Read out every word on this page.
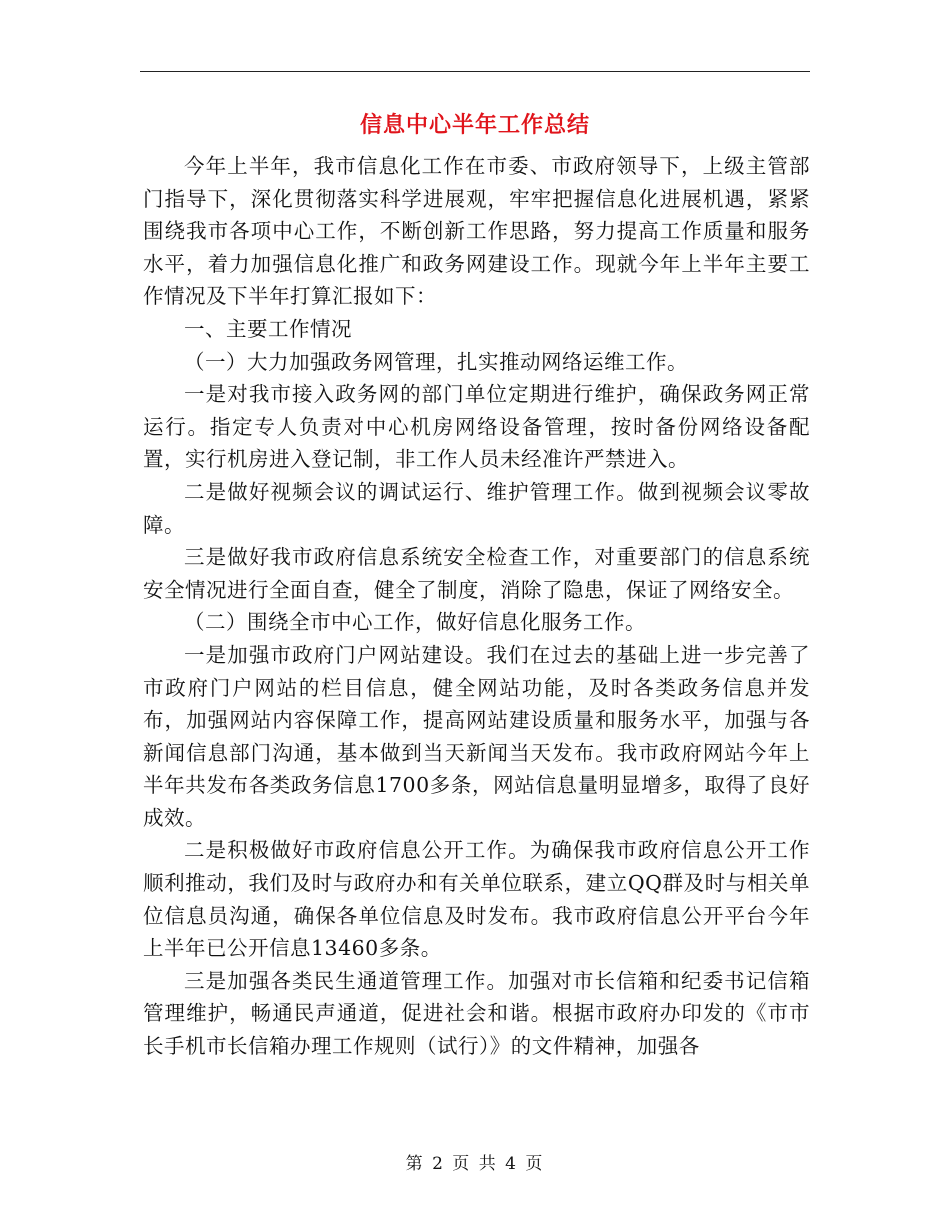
信息中心半年工作总结

今年上半年，我市信息化工作在市委、市政府领导下，上级主管部门指导下，深化贯彻落实科学进展观，牢牢把握信息化进展机遇，紧紧围绕我市各项中心工作，不断创新工作思路，努力提高工作质量和服务水平，着力加强信息化推广和政务网建设工作。现就今年上半年主要工作情况及下半年打算汇报如下：

一、主要工作情况

（一）大力加强政务网管理，扎实推动网络运维工作。

一是对我市接入政务网的部门单位定期进行维护，确保政务网正常运行。指定专人负责对中心机房网络设备管理，按时备份网络设备配置，实行机房进入登记制，非工作人员未经准许严禁进入。

二是做好视频会议的调试运行、维护管理工作。做到视频会议零故障。

三是做好我市政府信息系统安全检查工作，对重要部门的信息系统安全情况进行全面自查，健全了制度，消除了隐患，保证了网络安全。

（二）围绕全市中心工作，做好信息化服务工作。

一是加强市政府门户网站建设。我们在过去的基础上进一步完善了市政府门户网站的栏目信息，健全网站功能，及时各类政务信息并发布，加强网站内容保障工作，提高网站建设质量和服务水平，加强与各新闻信息部门沟通，基本做到当天新闻当天发布。我市政府网站今年上半年共发布各类政务信息1700多条，网站信息量明显增多，取得了良好成效。

二是积极做好市政府信息公开工作。为确保我市政府信息公开工作顺利推动，我们及时与政府办和有关单位联系，建立QQ群及时与相关单位信息员沟通，确保各单位信息及时发布。我市政府信息公开平台今年上半年已公开信息13460多条。

三是加强各类民生通道管理工作。加强对市长信箱和纪委书记信箱管理维护，畅通民声通道，促进社会和谐。根据市政府办印发的《市市长手机市长信箱办理工作规则（试行）》的文件精神，加强各

第 2 页 共 4 页
